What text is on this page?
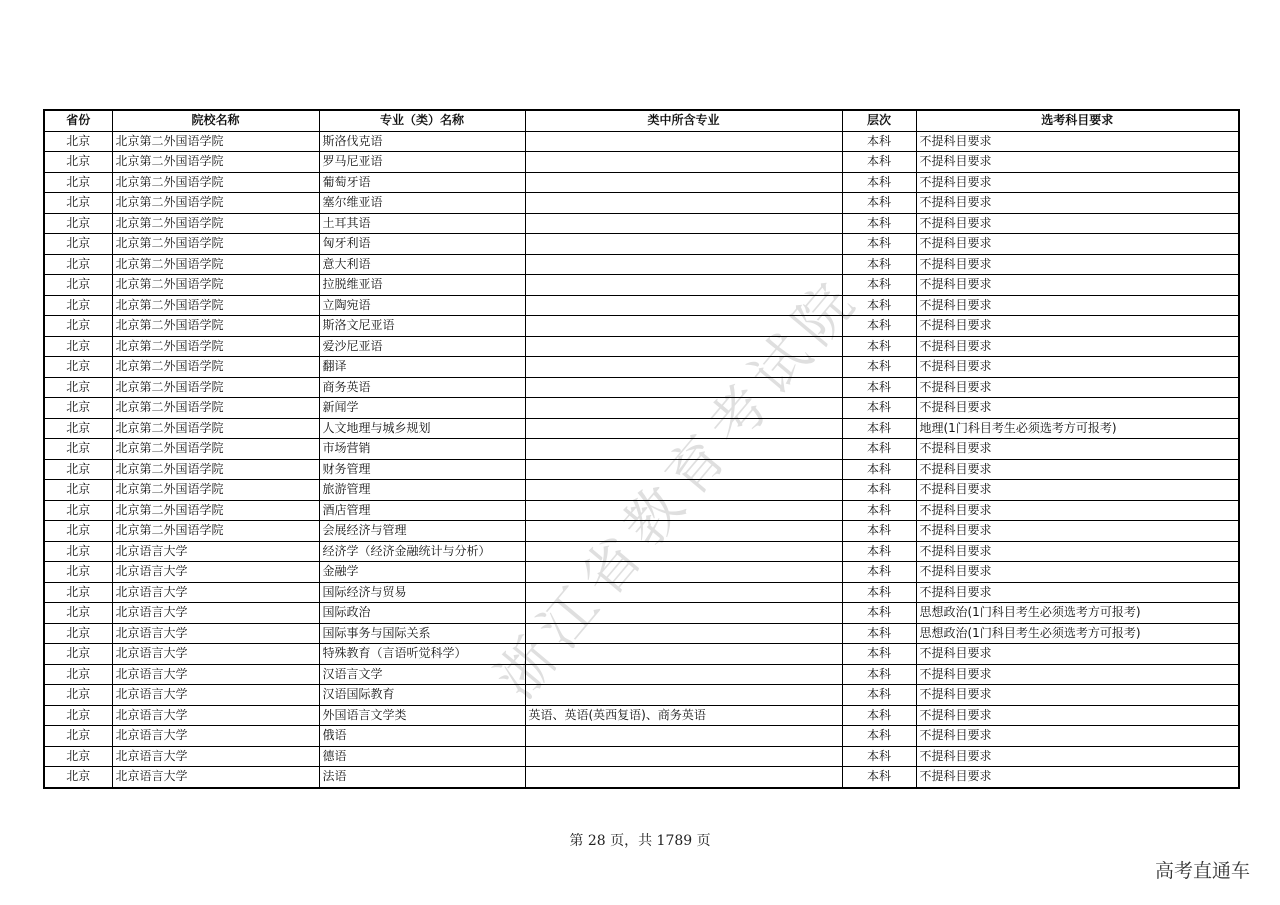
浙江省教育考试院
省份	院校名称	专业（类）名称	类中所含专业	层次	选考科目要求
北京	北京第二外国语学院	斯洛伐克语		本科	不提科目要求
北京	北京第二外国语学院	罗马尼亚语		本科	不提科目要求
北京	北京第二外国语学院	葡萄牙语		本科	不提科目要求
北京	北京第二外国语学院	塞尔维亚语		本科	不提科目要求
北京	北京第二外国语学院	土耳其语		本科	不提科目要求
北京	北京第二外国语学院	匈牙利语		本科	不提科目要求
北京	北京第二外国语学院	意大利语		本科	不提科目要求
北京	北京第二外国语学院	拉脱维亚语		本科	不提科目要求
北京	北京第二外国语学院	立陶宛语		本科	不提科目要求
北京	北京第二外国语学院	斯洛文尼亚语		本科	不提科目要求
北京	北京第二外国语学院	爱沙尼亚语		本科	不提科目要求
北京	北京第二外国语学院	翻译		本科	不提科目要求
北京	北京第二外国语学院	商务英语		本科	不提科目要求
北京	北京第二外国语学院	新闻学		本科	不提科目要求
北京	北京第二外国语学院	人文地理与城乡规划		本科	地理(1门科目考生必须选考方可报考)
北京	北京第二外国语学院	市场营销		本科	不提科目要求
北京	北京第二外国语学院	财务管理		本科	不提科目要求
北京	北京第二外国语学院	旅游管理		本科	不提科目要求
北京	北京第二外国语学院	酒店管理		本科	不提科目要求
北京	北京第二外国语学院	会展经济与管理		本科	不提科目要求
北京	北京语言大学	经济学（经济金融统计与分析）		本科	不提科目要求
北京	北京语言大学	金融学		本科	不提科目要求
北京	北京语言大学	国际经济与贸易		本科	不提科目要求
北京	北京语言大学	国际政治		本科	思想政治(1门科目考生必须选考方可报考)
北京	北京语言大学	国际事务与国际关系		本科	思想政治(1门科目考生必须选考方可报考)
北京	北京语言大学	特殊教育（言语听觉科学）		本科	不提科目要求
北京	北京语言大学	汉语言文学		本科	不提科目要求
北京	北京语言大学	汉语国际教育		本科	不提科目要求
北京	北京语言大学	外国语言文学类	英语、英语(英西复语)、商务英语	本科	不提科目要求
北京	北京语言大学	俄语		本科	不提科目要求
北京	北京语言大学	德语		本科	不提科目要求
北京	北京语言大学	法语		本科	不提科目要求
第 28 页，共 1789 页
高考直通车
